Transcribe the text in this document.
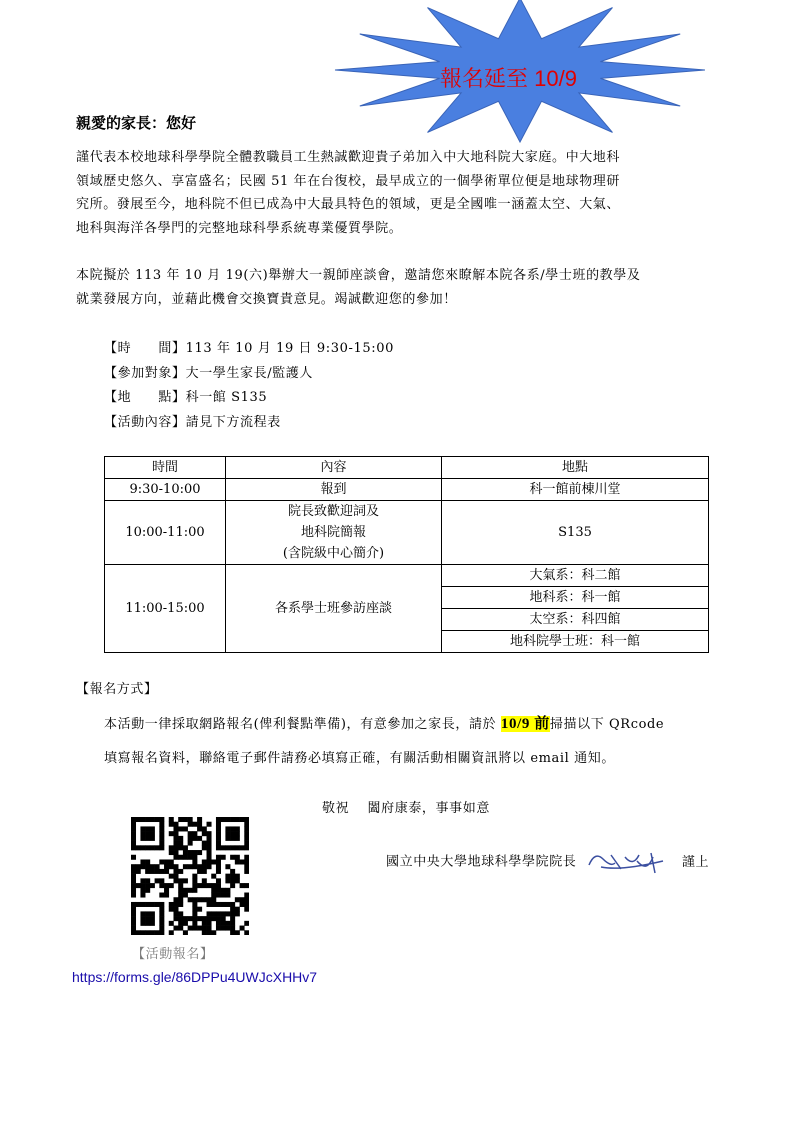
報名延至 10/9
親愛的家長：您好
謹代表本校地球科學學院全體教職員工生熱誠歡迎貴子弟加入中大地科院大家庭。中大地科
領域歷史悠久、享富盛名；民國 51 年在台復校，最早成立的一個學術單位便是地球物理研
究所。發展至今，地科院不但已成為中大最具特色的領域，更是全國唯一涵蓋太空、大氣、
地科與海洋各學門的完整地球科學系統專業優質學院。
本院擬於 113 年 10 月 19(六)舉辦大一親師座談會，邀請您來瞭解本院各系/學士班的教學及
就業發展方向，並藉此機會交換寶貴意見。竭誠歡迎您的參加！
【時　　間】113 年 10 月 19 日 9:30-15:00
【參加對象】大一學生家長/監護人
【地　　點】科一館 S135
【活動內容】請見下方流程表
時間	內容	地點
9:30-10:00	報到	科一館前棟川堂
10:00-11:00	院長致歡迎詞及
地科院簡報
(含院級中心簡介)	S135
11:00-15:00	各系學士班參訪座談	大氣系：科二館
		地科系：科一館
		太空系：科四館
		地科院學士班：科一館
【報名方式】
本活動一律採取網路報名(俾利餐點準備)，有意參加之家長，請於 10/9 前掃描以下 QRcode
填寫報名資料，聯絡電子郵件請務必填寫正確，有關活動相關資訊將以 email 通知。
敬祝　 闔府康泰，事事如意
國立中央大學地球科學學院院長	謹上
【活動報名】
https://forms.gle/86DPPu4UWJcXHHv7
